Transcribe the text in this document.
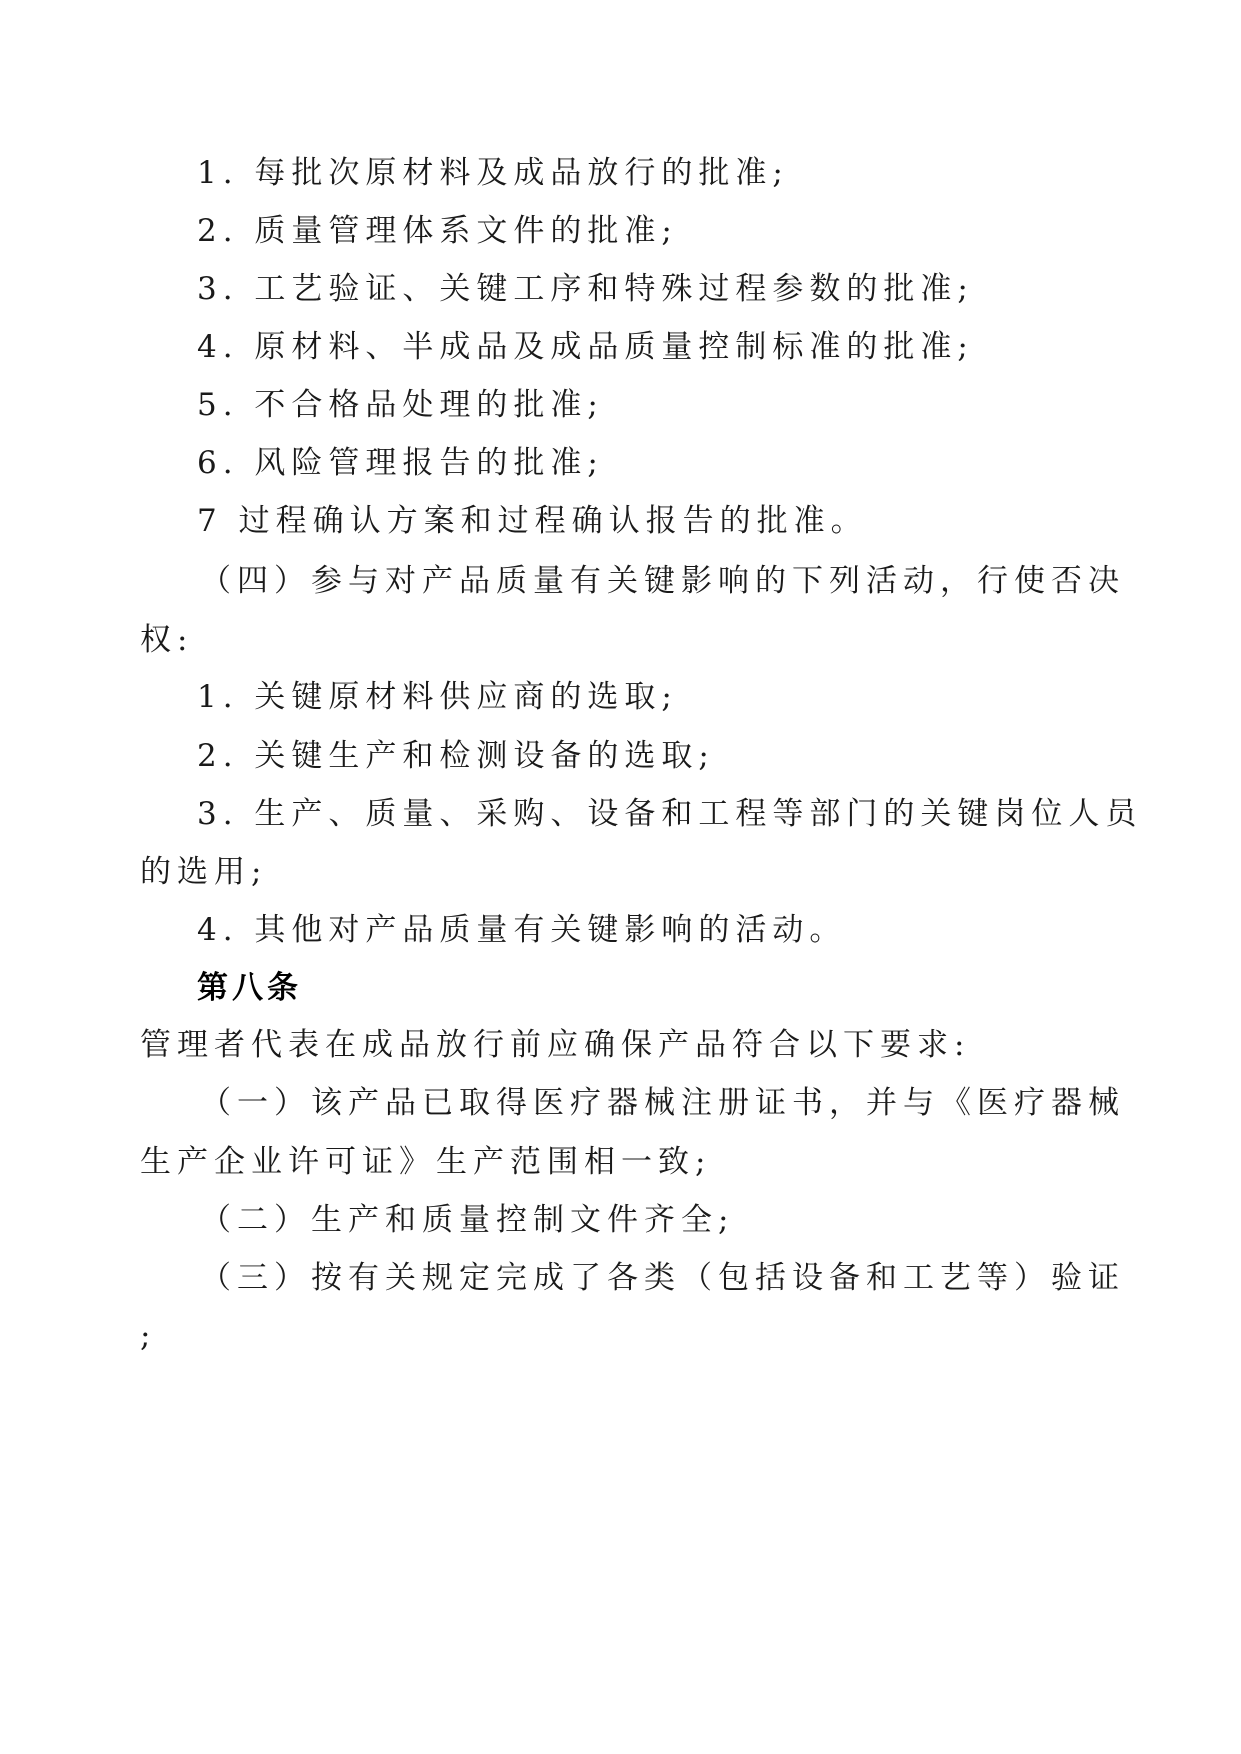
1. 每批次原材料及成品放行的批准;
2. 质量管理体系文件的批准;
3. 工艺验证、关键工序和特殊过程参数的批准;
4. 原材料、半成品及成品质量控制标准的批准;
5. 不合格品处理的批准;
6. 风险管理报告的批准;
7 过程确认方案和过程确认报告的批准。
（四）参与对产品质量有关键影响的下列活动，行使否决
权:
1. 关键原材料供应商的选取;
2. 关键生产和检测设备的选取;
3. 生产、质量、采购、设备和工程等部门的关键岗位人员
的选用;
4. 其他对产品质量有关键影响的活动。
第八条
管理者代表在成品放行前应确保产品符合以下要求:
（一）该产品已取得医疗器械注册证书，并与《医疗器械
生产企业许可证》生产范围相一致;
（二）生产和质量控制文件齐全;
（三）按有关规定完成了各类（包括设备和工艺等）验证
;
